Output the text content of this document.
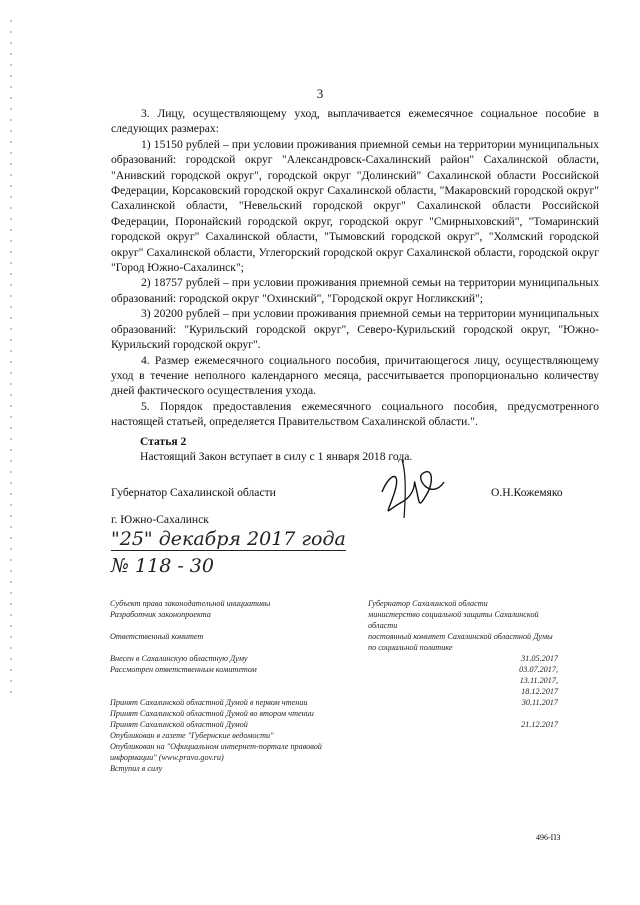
3

3. Лицу, осуществляющему уход, выплачивается ежемесячное социальное пособие в следующих размерах:

1) 15150 рублей – при условии проживания приемной семьи на территории муниципальных образований: городской округ "Александровск-Сахалинский район" Сахалинской области, "Анивский городской округ", городской округ "Долинский" Сахалинской области Российской Федерации, Корсаковский городской округ Сахалинской области, "Макаровский городской округ" Сахалинской области, "Невельский городской округ" Сахалинской области Российской Федерации, Поронайский городской округ, городской округ "Смирныховский", "Томаринский городской округ" Сахалинской области, "Тымовский городской округ", "Холмский городской округ" Сахалинской области, Углегорский городской округ Сахалинской области, городской округ "Город Южно-Сахалинск";

2) 18757 рублей – при условии проживания приемной семьи на территории муниципальных образований: городской округ "Охинский", "Городской округ Ногликский";

3) 20200 рублей – при условии проживания приемной семьи на территории муниципальных образований: "Курильский городской округ", Северо-Курильский городской округ, "Южно-Курильский городской округ".

4. Размер ежемесячного социального пособия, причитающегося лицу, осуществляющему уход в течение неполного календарного месяца, рассчитывается пропорционально количеству дней фактического осуществления ухода.

5. Порядок предоставления ежемесячного социального пособия, предусмотренного настоящей статьей, определяется Правительством Сахалинской области.".

Статья 2
Настоящий Закон вступает в силу с 1 января 2018 года.
Губернатор Сахалинской области	О.Н.Кожемяко
г. Южно-Сахалинск
"25" декабря 2017 года
№ 118 - 30
Субъект права законодательной инициативы
Разработчик законопроекта

Ответственный комитет

Внесен в Сахалинскую областную Думу
Рассмотрен ответственным комитетом

Принят Сахалинской областной Думой в первом чтении
Принят Сахалинской областной Думой во втором чтении
Принят Сахалинской областной Думой
Опубликован в газете "Губернские ведомости"
Опубликован на "Официальном интернет-портале правовой информации" (www.pravo.gov.ru)
Вступил в силу
Губернатор Сахалинской области
министерство социальной защиты Сахалинской области
постоянный комитет Сахалинской областной Думы по социальной политике
31.05.2017
03.07.2017,
13.11.2017,
18.12.2017
30.11.2017

21.12.2017
496-ПЗ
